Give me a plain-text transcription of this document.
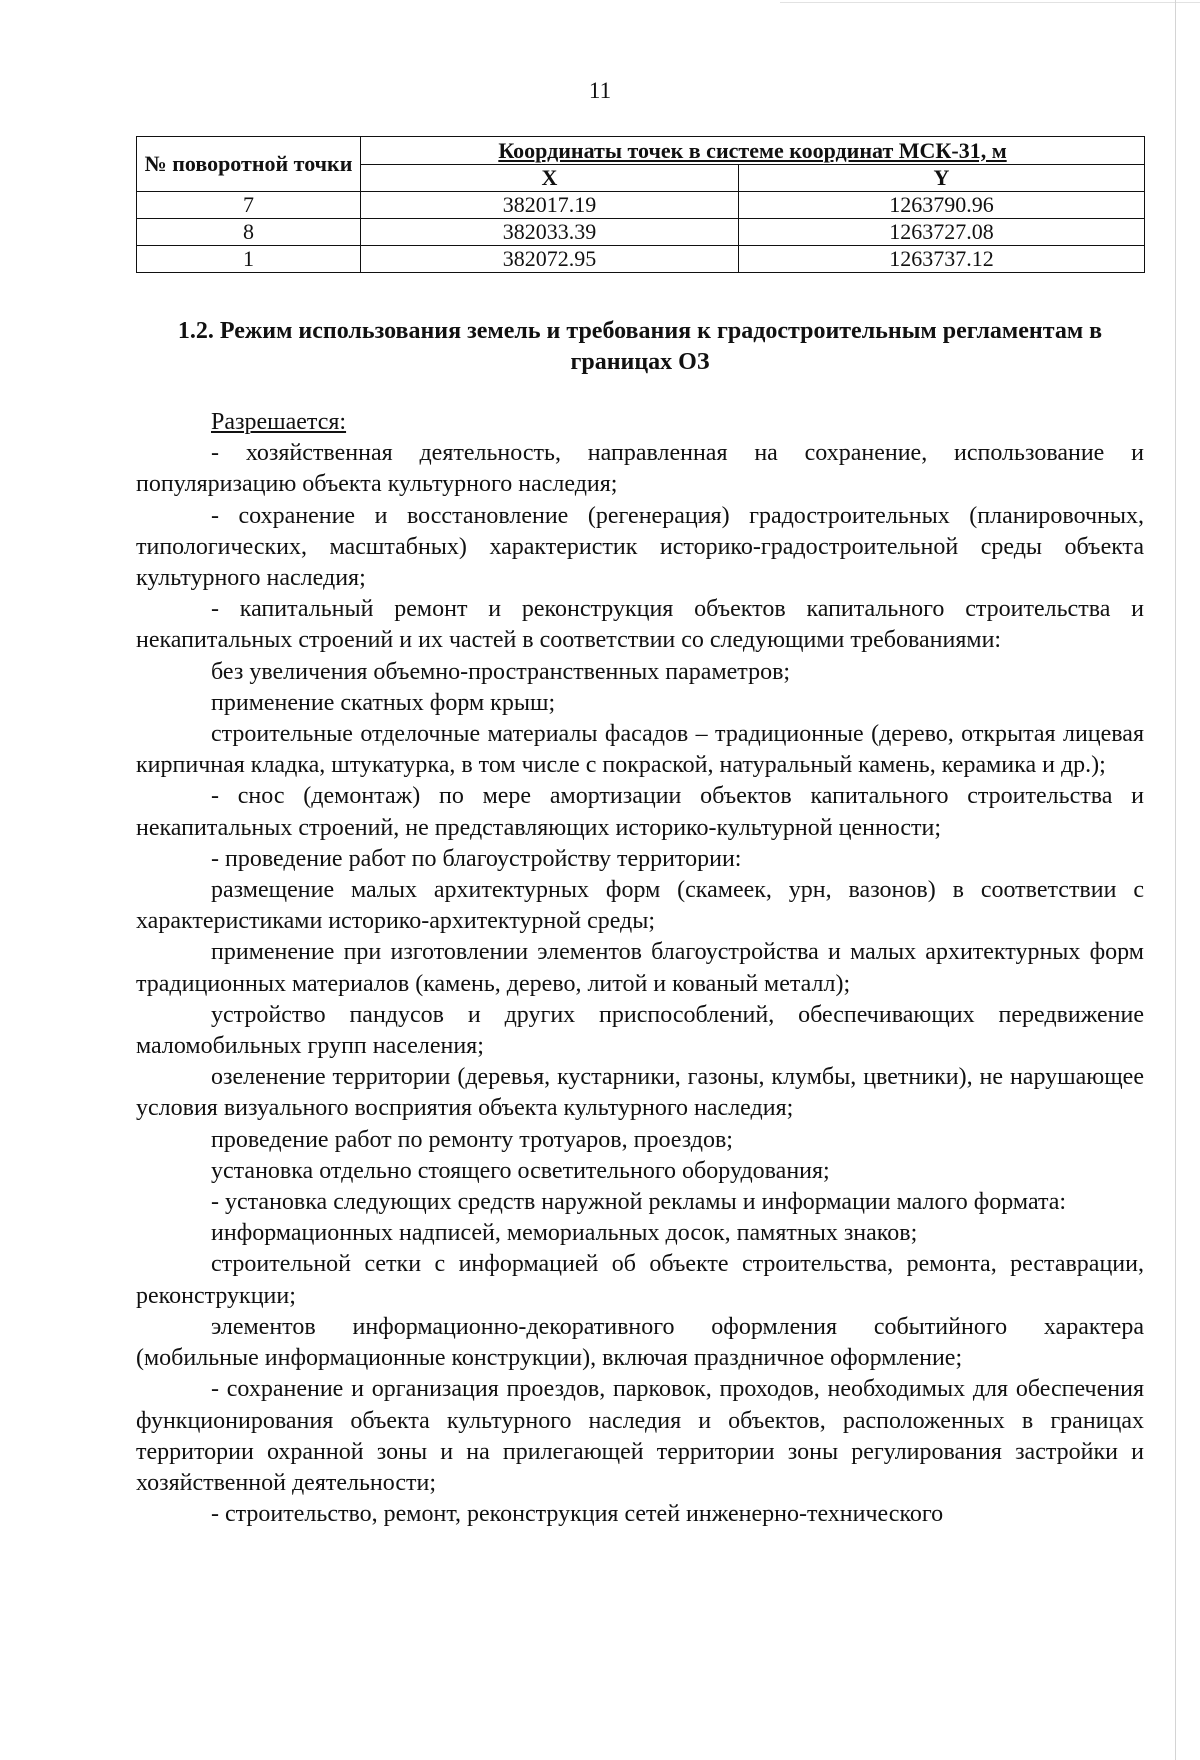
11
№ поворотной точки	Координаты точек в системе координат МСК-31, м	
	X	Y
7	382017.19	1263790.96
8	382033.39	1263727.08
1	382072.95	1263737.12
1.2. Режим использования земель и требования к градостроительным регламентам в границах ОЗ

Разрешается:

- хозяйственная деятельность, направленная на сохранение, использование и популяризацию объекта культурного наследия;

- сохранение и восстановление (регенерация) градостроительных (планировочных, типологических, масштабных) характеристик историко-градостроительной среды объекта культурного наследия;

- капитальный ремонт и реконструкция объектов капитального строительства и некапитальных строений и их частей в соответствии со следующими требованиями:

без увеличения объемно-пространственных параметров;

применение скатных форм крыш;

строительные отделочные материалы фасадов – традиционные (дерево, открытая лицевая кирпичная кладка, штукатурка, в том числе с покраской, натуральный камень, керамика и др.);

- снос (демонтаж) по мере амортизации объектов капитального строительства и некапитальных строений, не представляющих историко-культурной ценности;

- проведение работ по благоустройству территории:

размещение малых архитектурных форм (скамеек, урн, вазонов) в соответствии с характеристиками историко-архитектурной среды;

применение при изготовлении элементов благоустройства и малых архитектурных форм традиционных материалов (камень, дерево, литой и кованый металл);

устройство пандусов и других приспособлений, обеспечивающих передвижение маломобильных групп населения;

озеленение территории (деревья, кустарники, газоны, клумбы, цветники), не нарушающее условия визуального восприятия объекта культурного наследия;

проведение работ по ремонту тротуаров, проездов;

установка отдельно стоящего осветительного оборудования;

- установка следующих средств наружной рекламы и информации малого формата:

информационных надписей, мемориальных досок, памятных знаков;

строительной сетки с информацией об объекте строительства, ремонта, реставрации, реконструкции;

элементов информационно-декоративного оформления событийного характера (мобильные информационные конструкции), включая праздничное оформление;

- сохранение и организация проездов, парковок, проходов, необходимых для обеспечения функционирования объекта культурного наследия и объектов, расположенных в границах территории охранной зоны и на прилегающей территории зоны регулирования застройки и хозяйственной деятельности;

- строительство, ремонт, реконструкция сетей инженерно-технического
